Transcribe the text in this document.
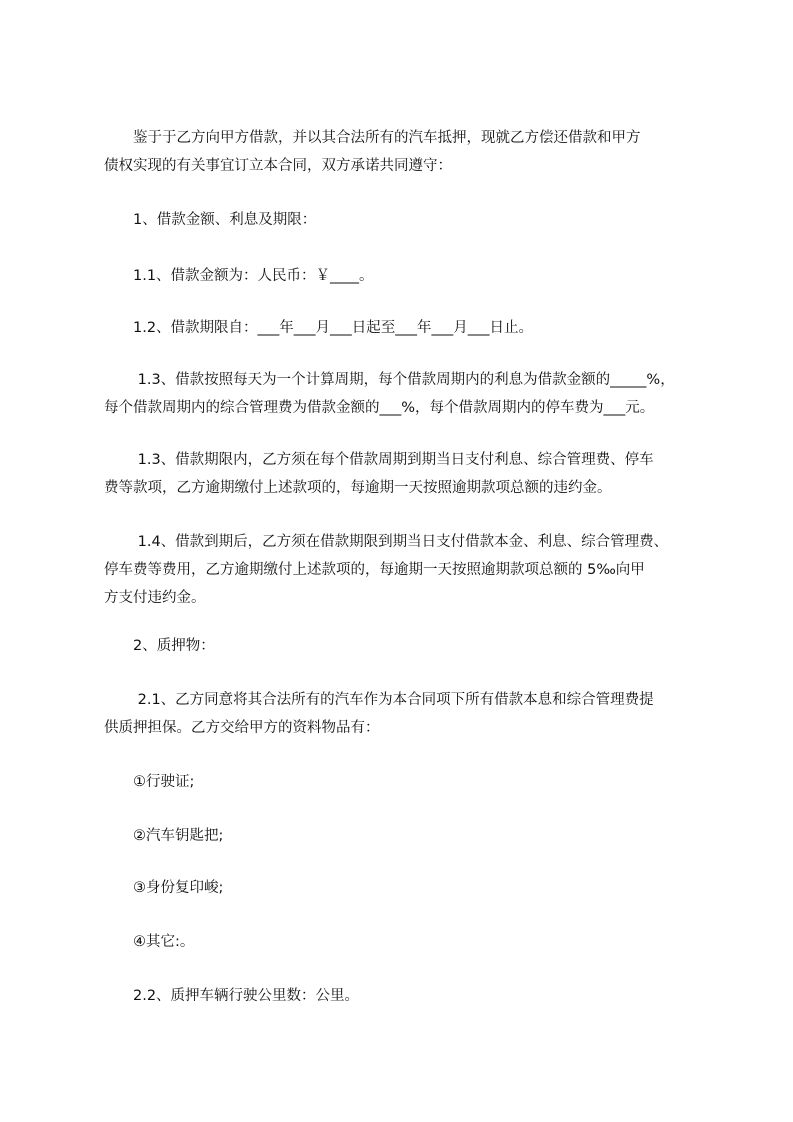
　　鉴于于乙方向甲方借款，并以其合法所有的汽车抵押，现就乙方偿还借款和甲方
债权实现的有关事宜订立本合同，双方承诺共同遵守：

　　1、借款金额、利息及期限：

　　1.1、借款金额为：人民币：￥____。

　　1.2、借款期限自：___年___月___日起至___年___月___日止。

　　 1.3、借款按照每天为一个计算周期，每个借款周期内的利息为借款金额的_____%，
每个借款周期内的综合管理费为借款金额的___%，每个借款周期内的停车费为___元。

　　 1.3、借款期限内，乙方须在每个借款周期到期当日支付利息、综合管理费、停车
费等款项，乙方逾期缴付上述款项的，每逾期一天按照逾期款项总额的违约金。

　　 1.4、借款到期后，乙方须在借款期限到期当日支付借款本金、利息、综合管理费、
停车费等费用，乙方逾期缴付上述款项的，每逾期一天按照逾期款项总额的 5‰向甲
方支付违约金。

　　2、质押物：

　　 2.1、乙方同意将其合法所有的汽车作为本合同项下所有借款本息和综合管理费提
供质押担保。乙方交给甲方的资料物品有：

　　①行驶证;

　　②汽车钥匙把;

　　③身份复印峻;

　　④其它:。

　　2.2、质押车辆行驶公里数：公里。
